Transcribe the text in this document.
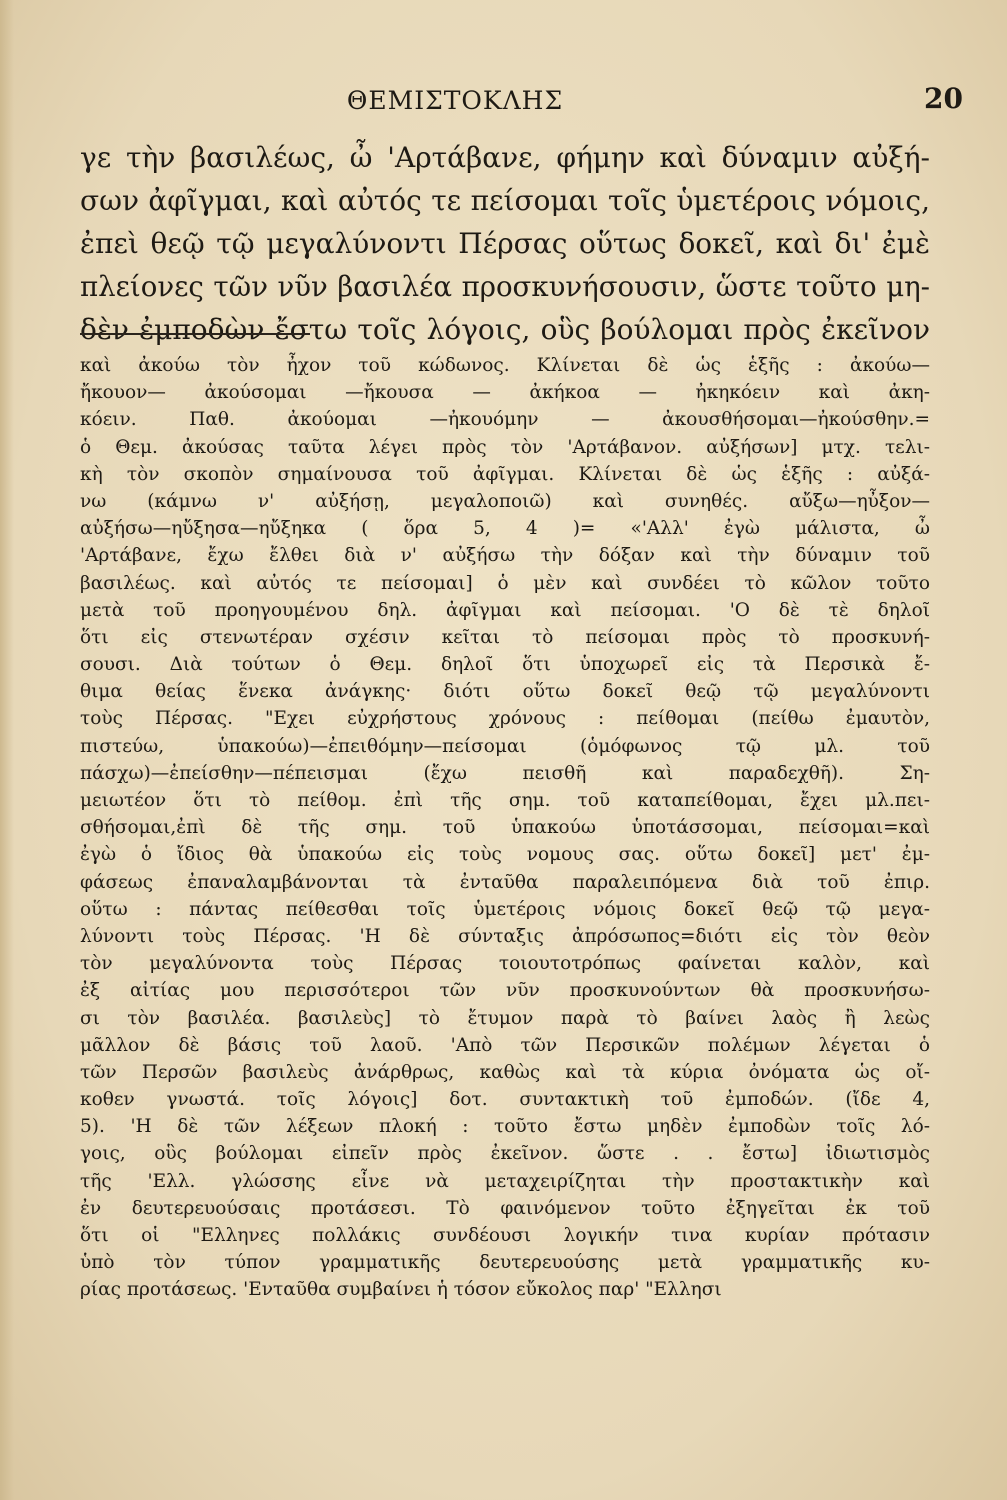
ΘΕΜΙΣΤΟΚΛΗΣ	20
γε τὴν βασιλέως, ὦ 'Αρτάβανε, φήμην καὶ δύναμιν αὐξή-
σων ἀφῖγμαι, καὶ αὐτός τε πείσομαι τοῖς ὑμετέροις νόμοις,
ἐπεὶ θεῷ τῷ μεγαλύνοντι Πέρσας οὕτως δοκεῖ, καὶ δι' ἐμὲ
πλείονες τῶν νῦν βασιλέα προσκυνήσουσιν, ὥστε τοῦτο μη-
δὲν ἐμποδὼν ἔστω τοῖς λόγοις, οὓς βούλομαι πρὸς ἐκεῖνον
καὶ ἀκούω τὸν ἦχον τοῦ κώδωνος. Κλίνεται δὲ ὡς ἑξῆς : ἀκούω—
ἤκουον— ἀκούσομαι —ἤκουσα — ἀκήκοα — ἠκηκόειν καὶ ἀκη-
κόειν. Παθ. ἀκούομαι —ἠκουόμην — ἀκουσθήσομαι—ἠκούσθην.=
ὁ Θεμ. ἀκούσας ταῦτα λέγει πρὸς τὸν 'Αρτάβανον. αὐξήσων] μτχ. τελι-
κὴ τὸν σκοπὸν σημαίνουσα τοῦ ἀφῖγμαι. Κλίνεται δὲ ὡς ἑξῆς : αὐξά-
νω (κάμνω ν' αὐξήσῃ, μεγαλοποιῶ) καὶ συνηθές. αὔξω—ηὖξον—
αὐξήσω—ηὔξησα—ηὔξηκα ( ὅρα 5, 4 )= «'Αλλ' ἐγὼ μάλιστα, ὦ
'Αρτάβανε, ἔχω ἔλθει διὰ ν' αὐξήσω τὴν δόξαν καὶ τὴν δύναμιν τοῦ
βασιλέως. καὶ αὐτός τε πείσομαι] ὁ μὲν καὶ συνδέει τὸ κῶλον τοῦτο
μετὰ τοῦ προηγουμένου δηλ. ἀφῖγμαι καὶ πείσομαι. 'Ο δὲ τὲ δηλοῖ
ὅτι εἰς στενωτέραν σχέσιν κεῖται τὸ πείσομαι πρὸς τὸ προσκυνή-
σουσι. Διὰ τούτων ὁ Θεμ. δηλοῖ ὅτι ὑποχωρεῖ εἰς τὰ Περσικὰ ἔ-
θιμα θείας ἕνεκα ἀνάγκης· διότι οὕτω δοκεῖ θεῷ τῷ μεγαλύνοντι
τοὺς Πέρσας. "Εχει εὐχρήστους χρόνους : πείθομαι (πείθω ἐμαυτὸν,
πιστεύω, ὑπακούω)—ἐπειθόμην—πείσομαι (ὁμόφωνος τῷ μλ. τοῦ
πάσχω)—ἐπείσθην—πέπεισμαι (ἔχω πεισθῆ καὶ παραδεχθῆ). Ση-
μειωτέον ὅτι τὸ πείθομ. ἐπὶ τῆς σημ. τοῦ καταπείθομαι, ἔχει μλ.πει-
σθήσομαι,ἐπὶ δὲ τῆς σημ. τοῦ ὑπακούω ὑποτάσσομαι, πείσομαι=καὶ
ἐγὼ ὁ ἴδιος θὰ ὑπακούω εἰς τοὺς νομους σας. οὕτω δοκεῖ] μετ' ἐμ-
φάσεως ἐπαναλαμβάνονται τὰ ἐνταῦθα παραλειπόμενα διὰ τοῦ ἐπιρ.
οὕτω : πάντας πείθεσθαι τοῖς ὑμετέροις νόμοις δοκεῖ θεῷ τῷ μεγα-
λύνοντι τοὺς Πέρσας. 'Η δὲ σύνταξις ἀπρόσωπος=διότι εἰς τὸν θεὸν
τὸν μεγαλύνοντα τοὺς Πέρσας τοιουτοτρόπως φαίνεται καλὸν, καὶ
ἐξ αἰτίας μου περισσότεροι τῶν νῦν προσκυνούντων θὰ προσκυνήσω-
σι τὸν βασιλέα. βασιλεὺς] τὸ ἔτυμον παρὰ τὸ βαίνει λαὸς ἢ λεὼς
μᾶλλον δὲ βάσις τοῦ λαοῦ. 'Απὸ τῶν Περσικῶν πολέμων λέγεται ὁ
τῶν Περσῶν βασιλεὺς ἀνάρθρως, καθὼς καὶ τὰ κύρια ὀνόματα ὡς οἴ-
κοθεν γνωστά. τοῖς λόγοις] δοτ. συντακτικὴ τοῦ ἐμποδών. (ἴδε 4,
5). 'Η δὲ τῶν λέξεων πλοκή : τοῦτο ἔστω μηδὲν ἐμποδὼν τοῖς λό-
γοις, οὓς βούλομαι εἰπεῖν πρὸς ἐκεῖνον. ὥστε . . ἔστω] ἰδιωτισμὸς
τῆς 'Ελλ. γλώσσης εἶνε νὰ μεταχειρίζηται τὴν προστακτικὴν καὶ
ἐν δευτερευούσαις προτάσεσι. Τὸ φαινόμενον τοῦτο ἐξηγεῖται ἐκ τοῦ
ὅτι οἱ "Ελληνες πολλάκις συνδέουσι λογικήν τινα κυρίαν πρότασιν
ὑπὸ τὸν τύπον γραμματικῆς δευτερευούσης μετὰ γραμματικῆς κυ-
ρίας προτάσεως. 'Ενταῦθα συμβαίνει ἡ τόσον εὔκολος παρ' "Ελλησι
